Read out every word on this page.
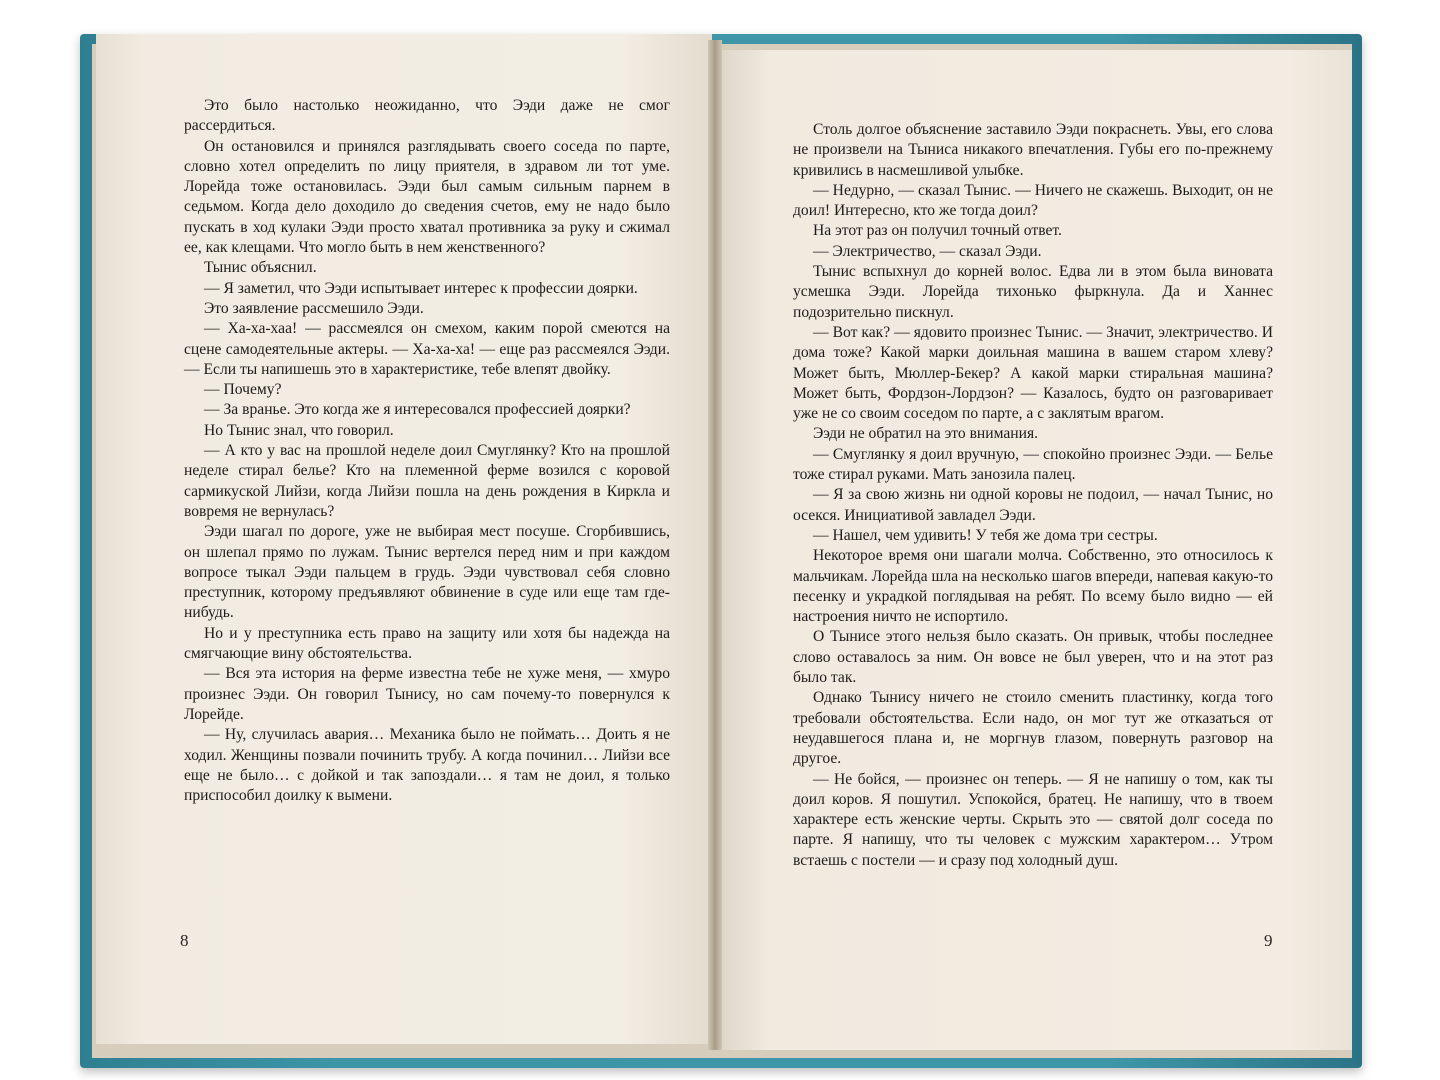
Это было настолько неожиданно, что Ээди даже не смог рассердиться.

Он остановился и принялся разглядывать своего соседа по парте, словно хотел определить по лицу приятеля, в здравом ли тот уме. Лорейда тоже остановилась. Ээди был самым сильным парнем в седьмом. Когда дело доходило до сведения счетов, ему не надо было пускать в ход кулаки Ээди просто хватал противника за руку и сжимал ее, как клещами. Что могло быть в нем женственного?

Тынис объяснил.

— Я заметил, что Ээди испытывает интерес к профессии доярки.

Это заявление рассмешило Ээди.

— Ха-ха-хаа! — рассмеялся он смехом, каким порой смеются на сцене самодеятельные актеры. — Ха-ха-ха! — еще раз рассмеялся Ээди. — Если ты напишешь это в характеристике, тебе влепят двойку.

— Почему?

— За вранье. Это когда же я интересовался профессией доярки?

Но Тынис знал, что говорил.

— А кто у вас на прошлой неделе доил Смуглянку? Кто на прошлой неделе стирал белье? Кто на племенной ферме возился с коровой сармикуской Лийзи, когда Лийзи пошла на день рождения в Киркла и вовремя не вернулась?

Ээди шагал по дороге, уже не выбирая мест посуше. Сгорбившись, он шлепал прямо по лужам. Тынис вертелся перед ним и при каждом вопросе тыкал Ээди пальцем в грудь. Ээди чувствовал себя словно преступник, которому предъявляют обвинение в суде или еще там где-нибудь.

Но и у преступника есть право на защиту или хотя бы надежда на смягчающие вину обстоятельства.

— Вся эта история на ферме известна тебе не хуже меня, — хмуро произнес Ээди. Он говорил Тынису, но сам почему-то повернулся к Лорейде.

— Ну, случилась авария… Механика было не поймать… Доить я не ходил. Женщины позвали починить трубу. А когда починил… Лийзи все еще не было… с дойкой и так запоздали… я там не доил, я только приспособил доилку к вымени.

8

Столь долгое объяснение заставило Ээди покраснеть. Увы, его слова не произвели на Тыниса никакого впечатления. Губы его по-прежнему кривились в насмешливой улыбке.

— Недурно, — сказал Тынис. — Ничего не скажешь. Выходит, он не доил! Интересно, кто же тогда доил?

На этот раз он получил точный ответ.

— Электричество, — сказал Ээди.

Тынис вспыхнул до корней волос. Едва ли в этом была виновата усмешка Ээди. Лорейда тихонько фыркнула. Да и Ханнес подозрительно пискнул.

— Вот как? — ядовито произнес Тынис. — Значит, электричество. И дома тоже? Какой марки доильная машина в вашем старом хлеву? Может быть, Мюллер-Бекер? А какой марки стиральная машина? Может быть, Фордзон-Лордзон? — Казалось, будто он разговаривает уже не со своим соседом по парте, а с заклятым врагом.

Ээди не обратил на это внимания.

— Смуглянку я доил вручную, — спокойно произнес Ээди. — Белье тоже стирал руками. Мать занозила палец.

— Я за свою жизнь ни одной коровы не подоил, — начал Тынис, но осекся. Инициативой завладел Ээди.

— Нашел, чем удивить! У тебя же дома три сестры.

Некоторое время они шагали молча. Собственно, это относилось к мальчикам. Лорейда шла на несколько шагов впереди, напевая какую-то песенку и украдкой поглядывая на ребят. По всему было видно — ей настроения ничто не испортило.

О Тынисе этого нельзя было сказать. Он привык, чтобы последнее слово оставалось за ним. Он вовсе не был уверен, что и на этот раз было так.

Однако Тынису ничего не стоило сменить пластинку, когда того требовали обстоятельства. Если надо, он мог тут же отказаться от неудавшегося плана и, не моргнув глазом, повернуть разговор на другое.

— Не бойся, — произнес он теперь. — Я не напишу о том, как ты доил коров. Я пошутил. Успокойся, братец. Не напишу, что в твоем характере есть женские черты. Скрыть это — святой долг соседа по парте. Я напишу, что ты человек с мужским характером… Утром встаешь с постели — и сразу под холодный душ.

9
